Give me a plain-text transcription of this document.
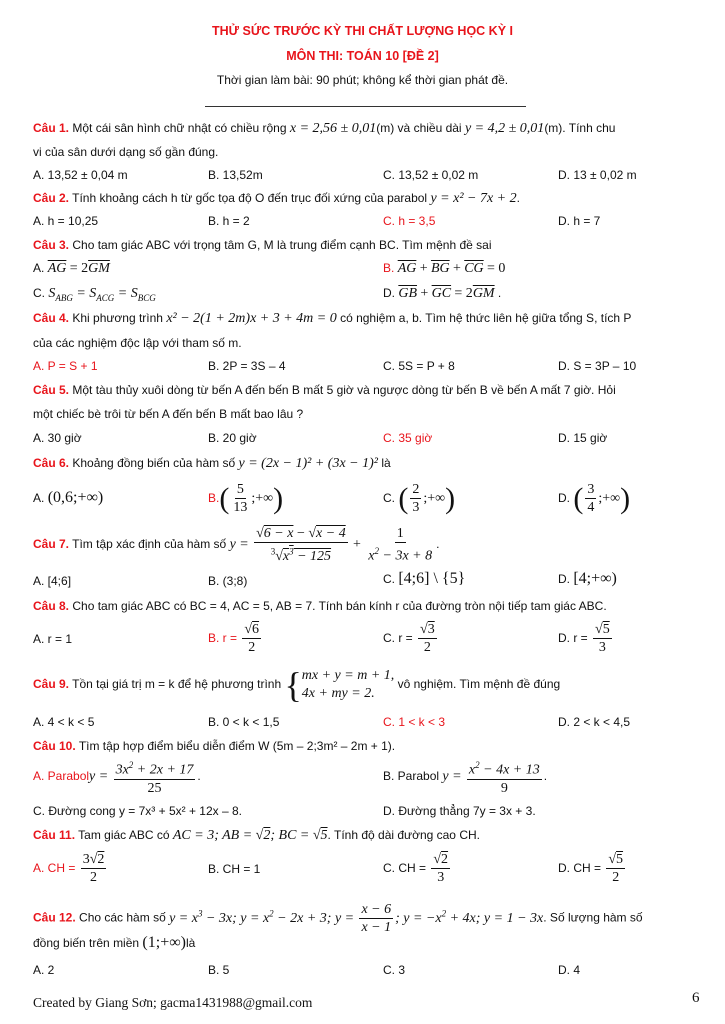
THỬ SỨC TRƯỚC KỲ THI CHẤT LƯỢNG HỌC KỲ I
MÔN THI: TOÁN 10 [ĐỀ 2]
Thời gian làm bài: 90 phút; không kể thời gian phát đề.
Câu 1. Một cái sân hình chữ nhật có chiều rộng x = 2,56 ± 0,01(m) và chiều dài y = 4,2 ± 0,01(m). Tính chu
vi của sân dưới dạng số gần đúng.
A. 13,52 ± 0,04 m	B. 13,52m	C. 13,52 ± 0,02 m	D. 13 ± 0,02 m
Câu 2. Tính khoảng cách h từ gốc tọa độ O đến trục đối xứng của parabol y = x² − 7x + 2.
A. h = 10,25	B. h = 2	C. h = 3,5	D. h = 7
Câu 3. Cho tam giác ABC với trọng tâm G, M là trung điểm cạnh BC. Tìm mệnh đề sai
A. $\overline{AG} = 2\overline{GM}$	B. $\overline{AG} + \overline{BG} + \overline{CG} = 0$
C. $S_{ABG} = S_{ACG} = S_{BCG}$	D. $\overline{GB} + \overline{GC} = 2\overline{GM}$ .
Câu 4. Khi phương trình x² − 2(1 + 2m)x + 3 + 4m = 0 có nghiệm a, b. Tìm hệ thức liên hệ giữa tổng S, tích P
của các nghiệm độc lập với tham số m.
A. P = S + 1	B. 2P = 3S – 4	C. 5S = P + 8	D. S = 3P – 10
Câu 5. Một tàu thủy xuôi dòng từ bến A đến bến B mất 5 giờ và ngược dòng từ bến B về bến A mất 7 giờ. Hỏi
một chiếc bè trôi từ bến A đến bến B mất bao lâu ?
A. 30 giờ	B. 20 giờ	C. 35 giờ	D. 15 giờ
Câu 6. Khoảng đồng biến của hàm số y = (2x − 1)² + (3x − 1)² là
A. (0,6;+∞)	$B.( \frac{5}{13}$ ;+∞)	C. ( $\frac{2}{3}$ ;+∞)	D. ( $\frac{3}{4}$ ;+∞)
Câu 7. Tìm tập xác định của hàm số $y = \frac{√6 - x - √x - 4}{^3√x^3 - 125} + \frac{1}{x^2 - 3x + 8}$ .
A. [4;6]	B. (3;8)	C. [4;6] \ {5}	D. [4;+∞)
Câu 8. Cho tam giác ABC có BC = 4, AC = 5, AB = 7. Tính bán kính r của đường tròn nội tiếp tam giác ABC.
A. r = 1	B. $r = \frac{√6}{2}$	C. $r = \frac{√3}{2}$	D. $r = \frac{√5}{3}$
Câu 9. Tồn tại giá trị m = k để hệ phương trình {mx + y = m + 1,
4x + my = 2. vô nghiệm. Tìm mệnh đề đúng
A. 4 < k < 5	B. 0 < k < 1,5	C. 1 < k < 3	D. 2 < k < 4,5
Câu 10. Tìm tập hợp điểm biểu diễn điểm W (5m – 2;3m² – 2m + 1).
A. Paraboly = $\frac{3x^2 + 2x + 17}{25}$ .	B. Parabol $y = \frac{x^2 - 4x + 13}{9}$ .
C. Đường cong y = 7x³ + 5x² + 12x – 8.	D. Đường thẳng 7y = 3x + 3.
Câu 11. Tam giác ABC có AC = 3; AB = √2; BC = √5. Tính độ dài đường cao CH.
A. CH = $\frac{3√2}{2}$	B. CH = 1	C. CH = $\frac{√2}{3}$	D. CH = $\frac{√5}{2}$
Câu 12. Cho các hàm số $y = x^3 - 3x$; $y = x^2 - 2x + 3$; $y = \frac{x - 6}{x - 1}$ ; $y = -x^2 + 4x$; y = 1 − 3x. Số lượng hàm số
đồng biến trên miền (1;+∞)là
A. 2	B. 5	C. 3	D. 4
Created by Giang Sơn; gacma1431988@gmail.com	6
